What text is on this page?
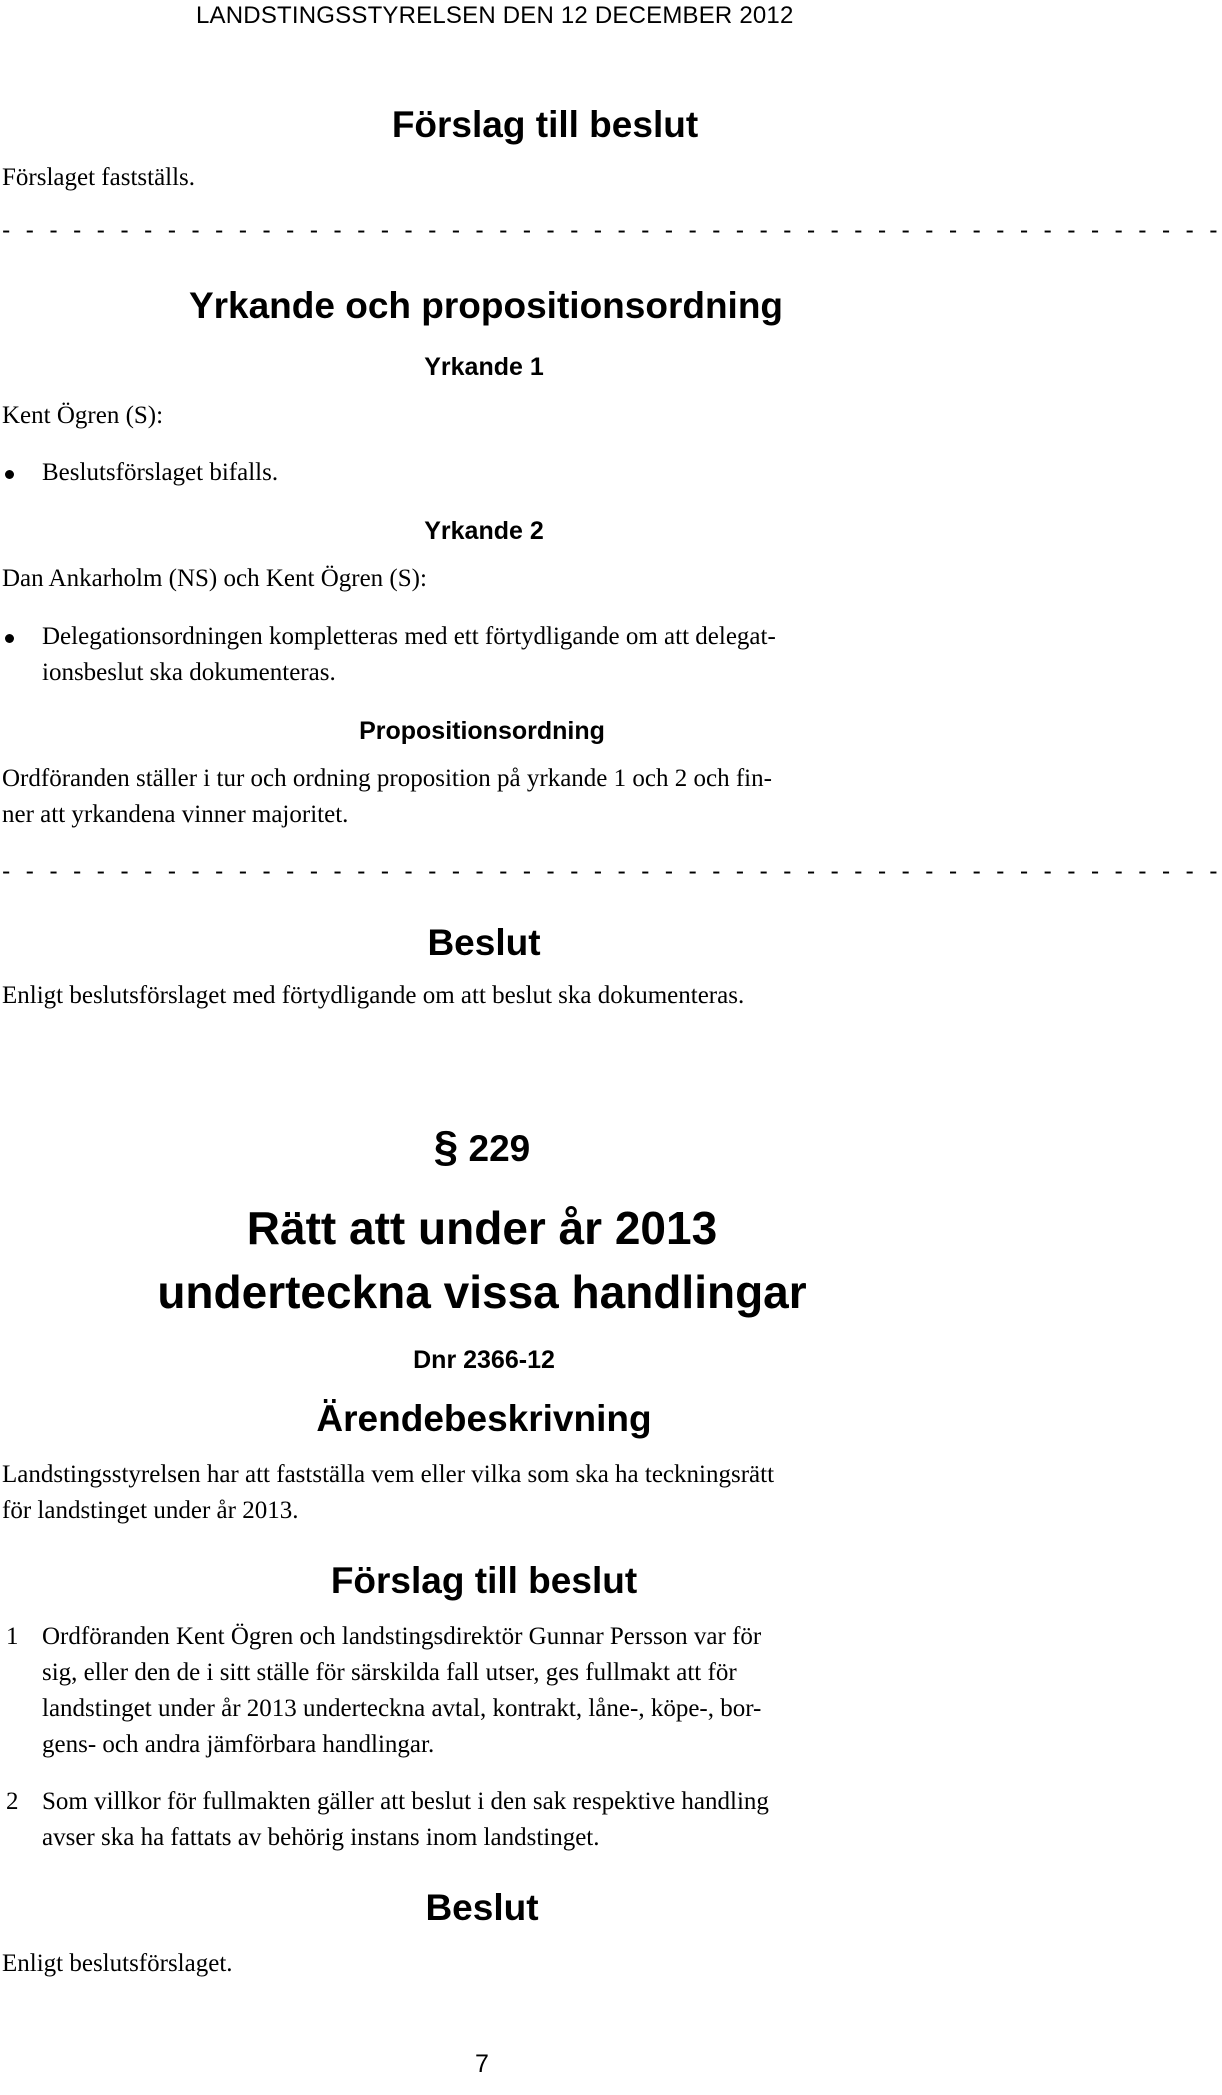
LANDSTINGSSTYRELSEN DEN 12 DECEMBER 2012
Förslag till beslut
Förslaget fastställs.
- - - - - - - - - - - - - - - - - - - - - - - - - - - - - - - - - - - - - - - - - - - - - - - - - - - -
Yrkande och propositionsordning
Yrkande 1
Kent Ögren (S):
Beslutsförslaget bifalls.
Yrkande 2
Dan Ankarholm (NS) och Kent Ögren (S):
Delegationsordningen kompletteras med ett förtydligande om att delegat-
ionsbeslut ska dokumenteras.
Propositionsordning
Ordföranden ställer i tur och ordning proposition på yrkande 1 och 2 och fin-
ner att yrkandena vinner majoritet.
- - - - - - - - - - - - - - - - - - - - - - - - - - - - - - - - - - - - - - - - - - - - - - - - - - - -
Beslut
Enligt beslutsförslaget med förtydligande om att beslut ska dokumenteras.
§ 229
Rätt att under år 2013
underteckna vissa handlingar
Dnr 2366-12
Ärendebeskrivning
Landstingsstyrelsen har att fastställa vem eller vilka som ska ha teckningsrätt
för landstinget under år 2013.
Förslag till beslut
1 Ordföranden Kent Ögren och landstingsdirektör Gunnar Persson var för
sig, eller den de i sitt ställe för särskilda fall utser, ges fullmakt att för
landstinget under år 2013 underteckna avtal, kontrakt, låne-, köpe-, bor-
gens- och andra jämförbara handlingar.
2 Som villkor för fullmakten gäller att beslut i den sak respektive handling
avser ska ha fattats av behörig instans inom landstinget.
Beslut
Enligt beslutsförslaget.
7
